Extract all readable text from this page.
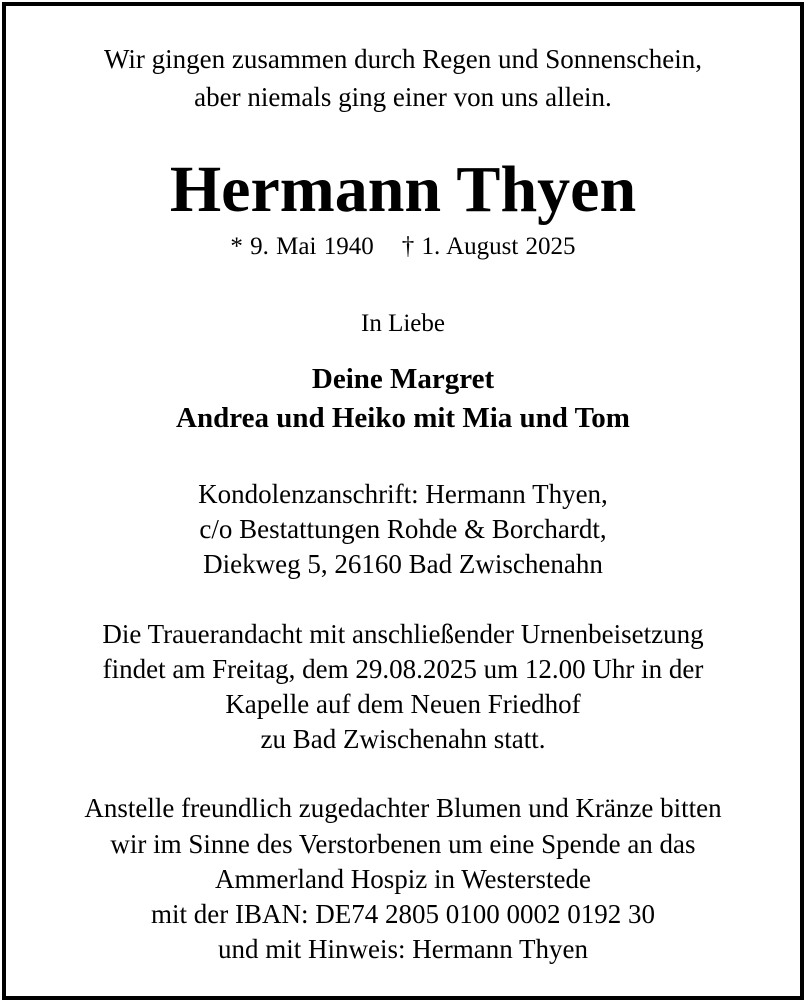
Wir gingen zusammen durch Regen und Sonnenschein,
aber niemals ging einer von uns allein.
Hermann Thyen
* 9. Mai 1940 † 1. August 2025
In Liebe
Deine Margret
Andrea und Heiko mit Mia und Tom
Kondolenzanschrift: Hermann Thyen,
c/o Bestattungen Rohde & Borchardt,
Diekweg 5, 26160 Bad Zwischenahn
Die Trauerandacht mit anschließender Urnenbeisetzung
findet am Freitag, dem 29.08.2025 um 12.00 Uhr in der
Kapelle auf dem Neuen Friedhof
zu Bad Zwischenahn statt.
Anstelle freundlich zugedachter Blumen und Kränze bitten
wir im Sinne des Verstorbenen um eine Spende an das
Ammerland Hospiz in Westerstede
mit der IBAN: DE74 2805 0100 0002 0192 30
und mit Hinweis: Hermann Thyen
